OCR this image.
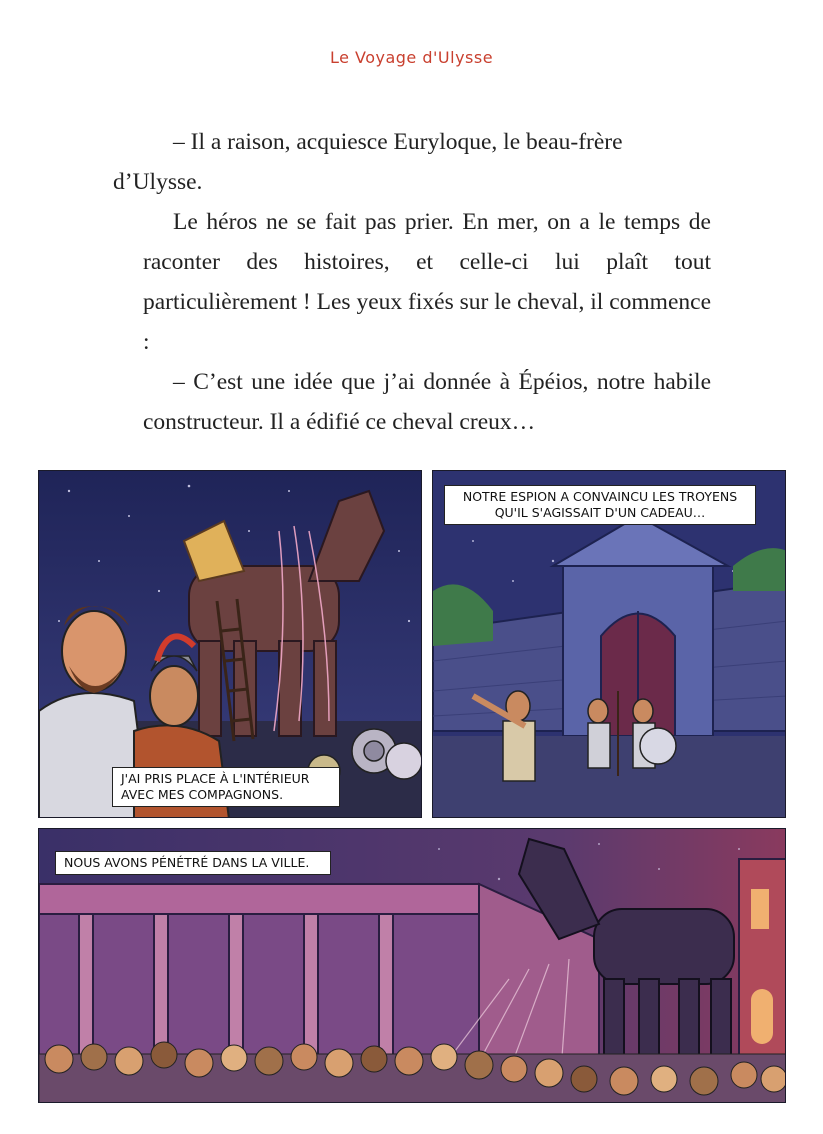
Le Voyage d'Ulysse

– Il a raison, acquiesce Euryloque, le beau-frère
d’Ulysse.

Le héros ne se fait pas prier. En mer, on a le temps de raconter des histoires, et celle-ci lui plaît tout particulièrement ! Les yeux fixés sur le cheval, il commence :

– C’est une idée que j’ai donnée à Épéios, notre habile constructeur. Il a édifié ce cheval creux…

J'AI PRIS PLACE À L'INTÉRIEUR AVEC MES COMPAGNONS.
NOTRE ESPION A CONVAINCU LES TROYENS QU'IL S'AGISSAIT D'UN CADEAU…
NOUS AVONS PÉNÉTRÉ DANS LA VILLE.
